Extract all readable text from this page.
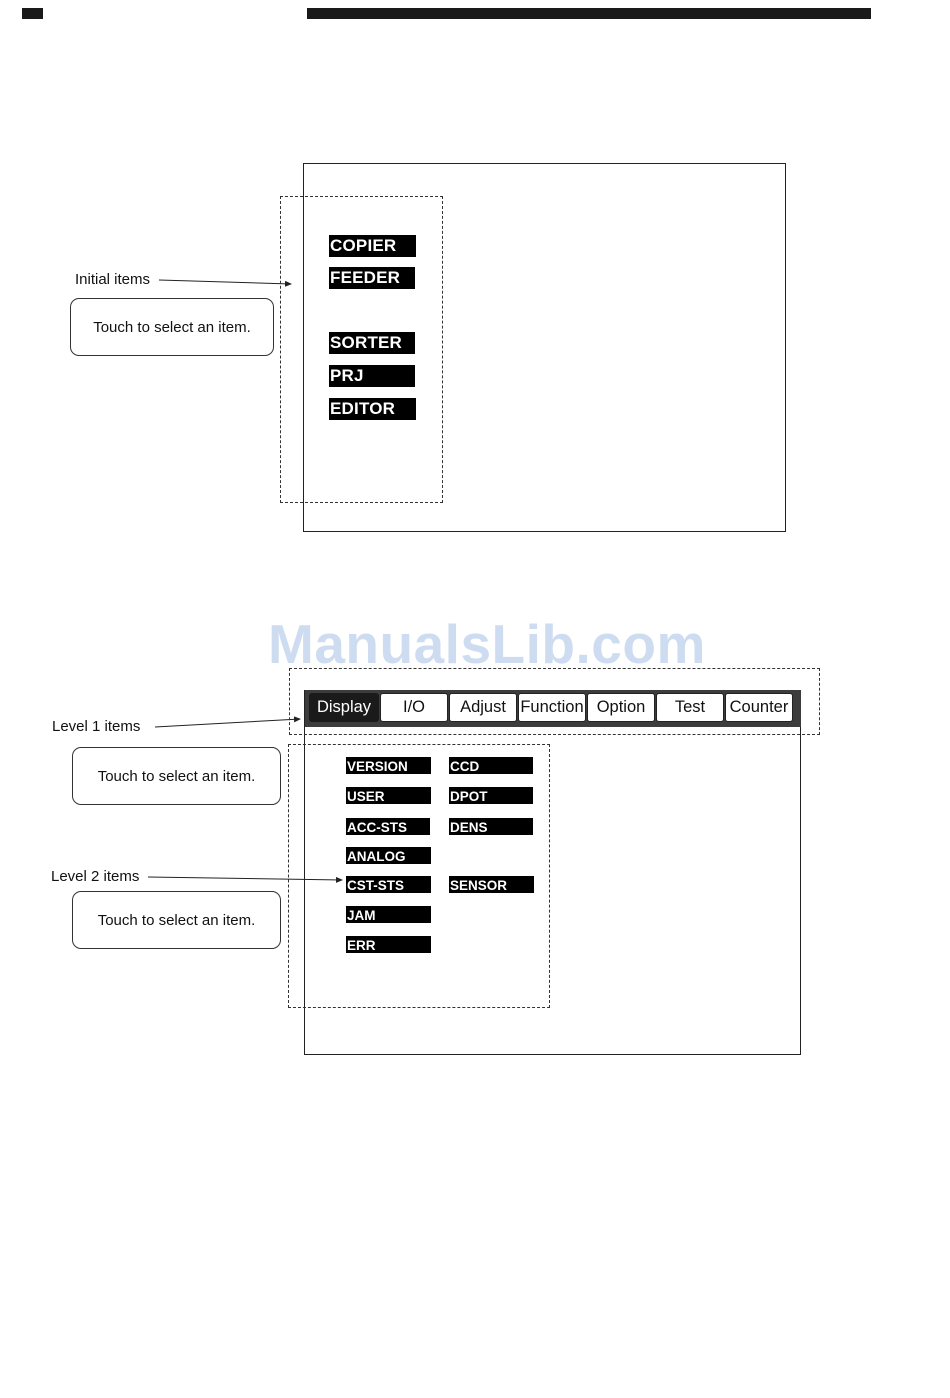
Initial items
Touch to select an item.
COPIER
FEEDER
SORTER
PRJ
EDITOR
ManualsLib.com
Display	I/O	Adjust Function Option	Test	Counter
Level 1 items
Touch to select an item.
Level 2 items
Touch to select an item.
VERSION
USER
ACC-STS
ANALOG
CST-STS
JAM
ERR
CCD
DPOT
DENS
SENSOR
